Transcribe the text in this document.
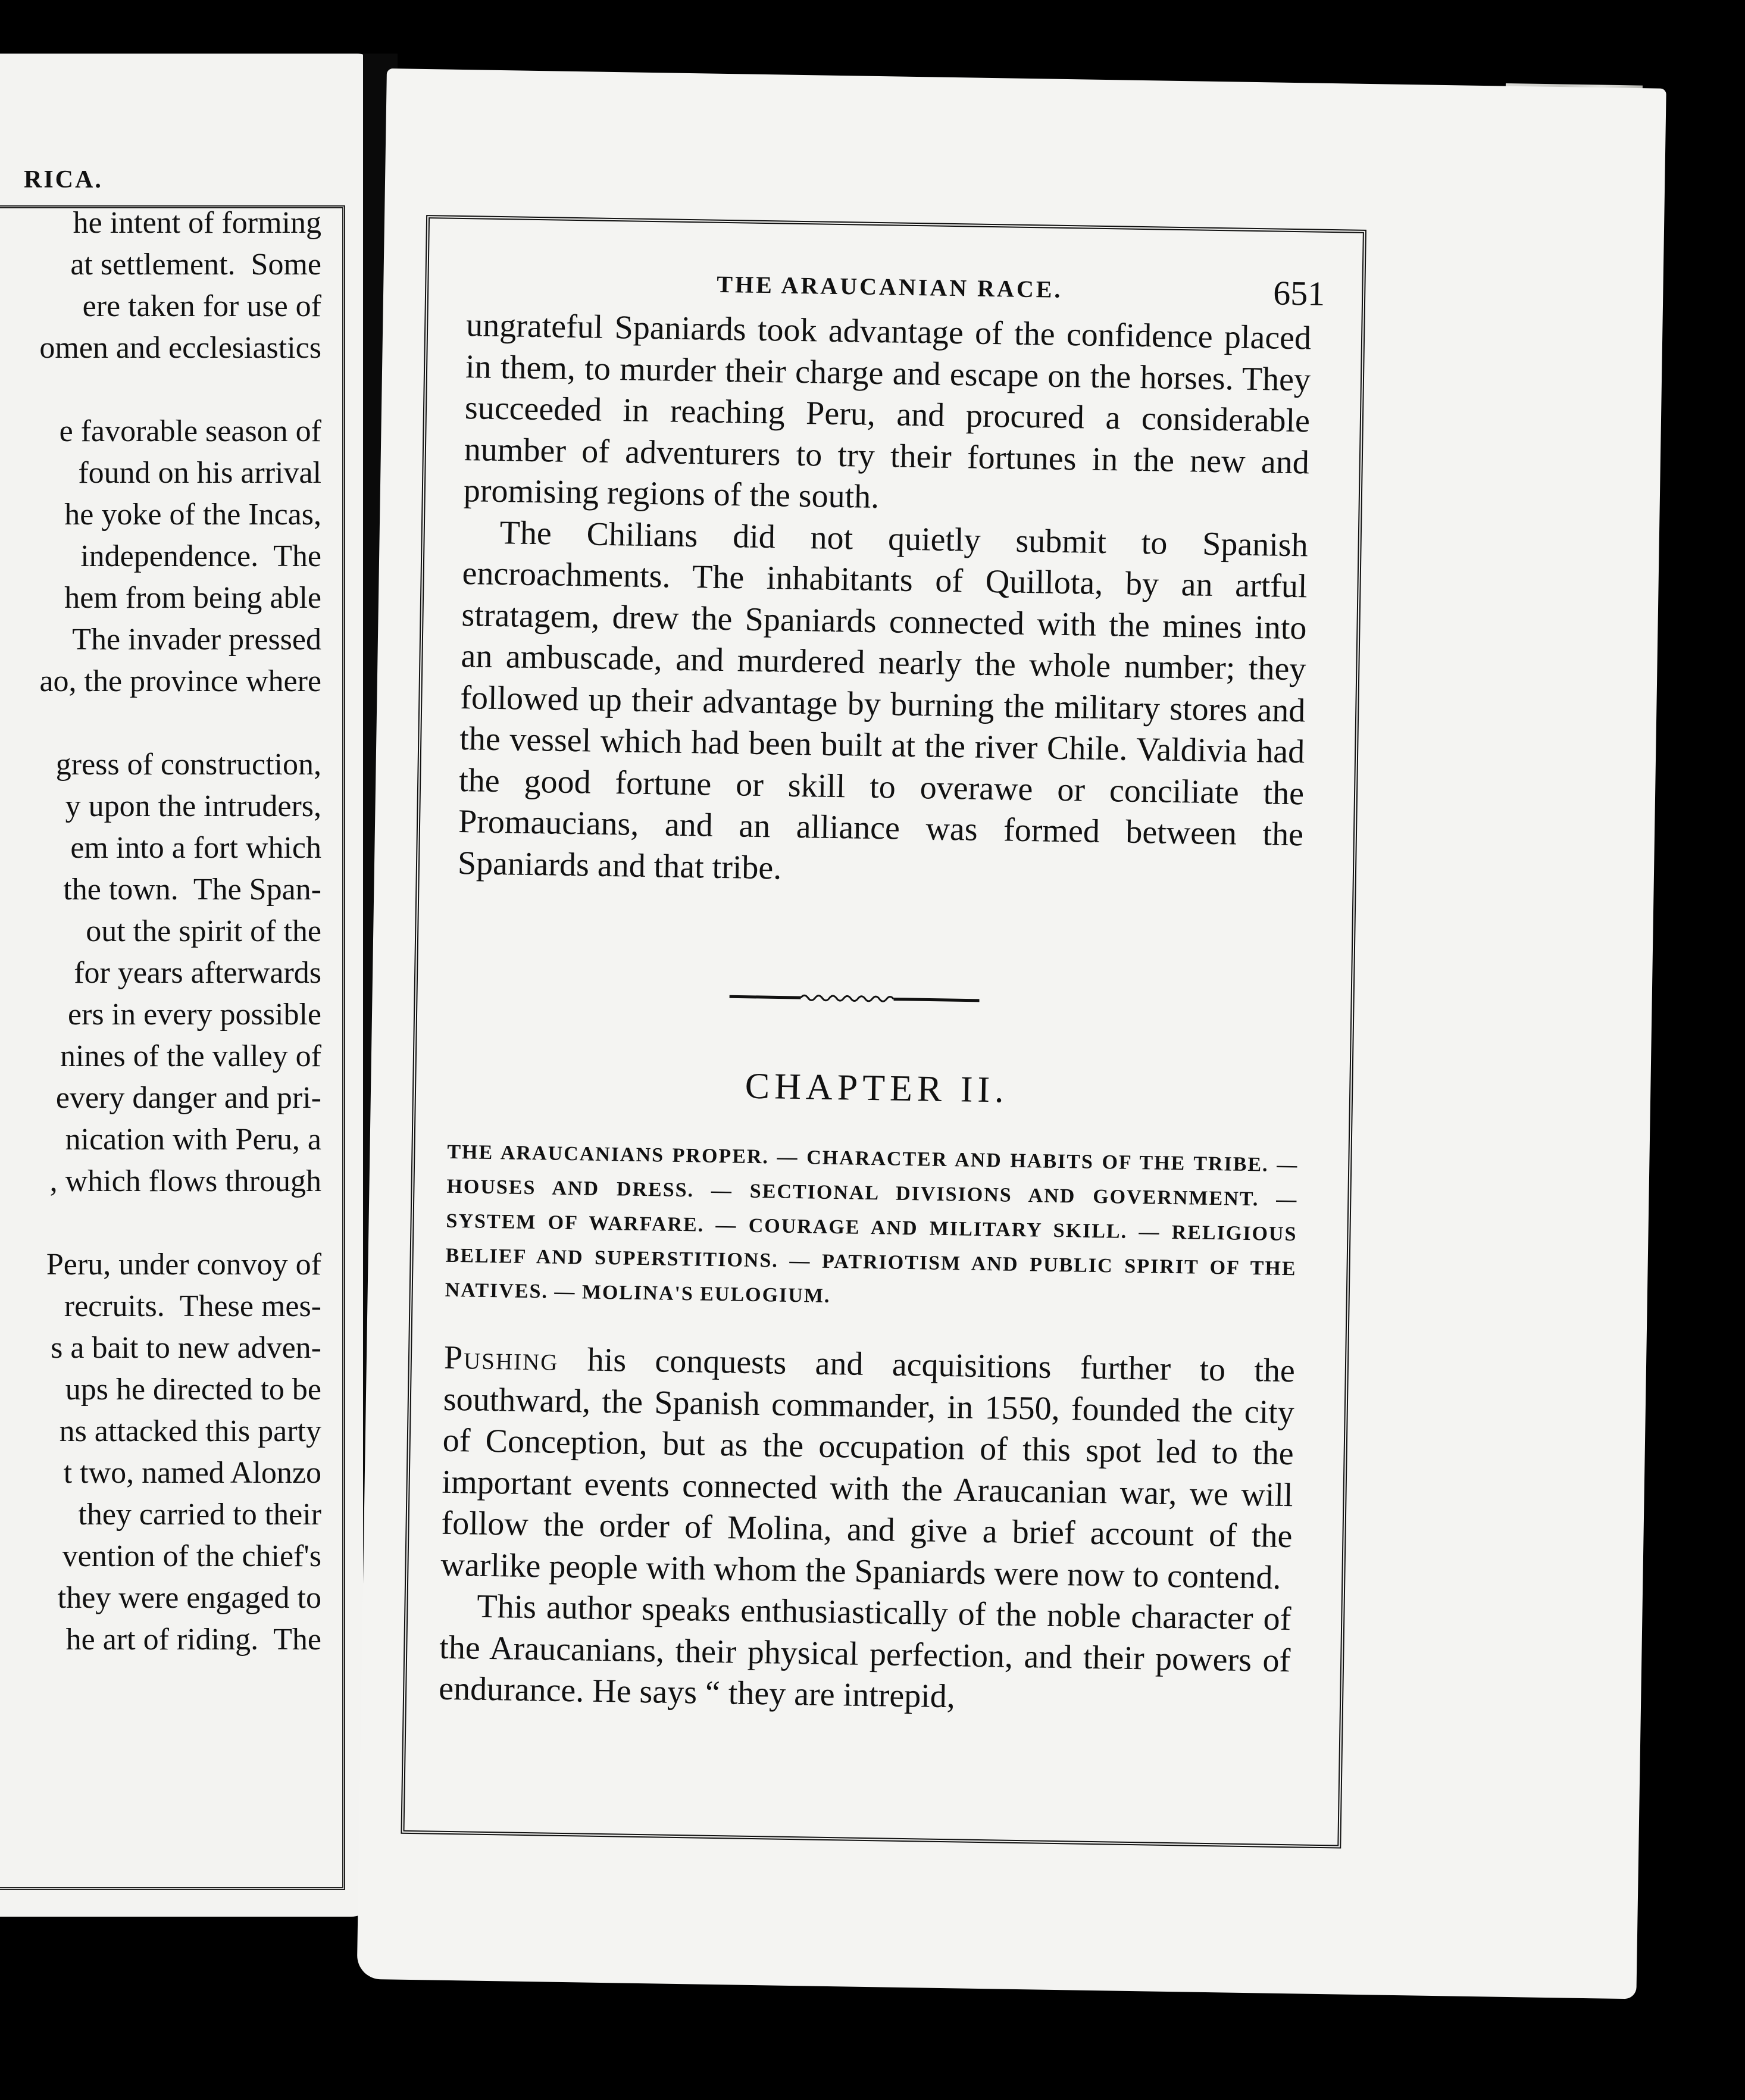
RICA.
he intent of forming
at settlement.  Some
ere taken for use of
omen and ecclesiastics
e favorable season of
found on his arrival
he yoke of the Incas,
independence.  The
hem from being able
The invader pressed
ao, the province where
gress of construction,
y upon the intruders,
em into a fort which
the town.  The Span-
out the spirit of the
for years afterwards
ers in every possible
nines of the valley of
every danger and pri-
nication with Peru, a
, which flows through
Peru, under convoy of
recruits.  These mes-
s a bait to new adven-
ups he directed to be
ns attacked this party
t two, named Alonzo
they carried to their
vention of the chief's
they were engaged to
he art of riding.  The
THE ARAUCANIAN RACE.	651

ungrateful Spaniards took advantage of the confidence placed in them, to murder their charge and escape on the horses. They succeeded in reaching Peru, and procured a considerable number of adventurers to try their fortunes in the new and promising regions of the south.

The Chilians did not quietly submit to Spanish encroachments. The inhabitants of Quillota, by an artful stratagem, drew the Spaniards connected with the mines into an ambuscade, and murdered nearly the whole number; they followed up their advantage by burning the military stores and the vessel which had been built at the river Chile. Valdivia had the good fortune or skill to overawe or conciliate the Promaucians, and an alliance was formed between the Spaniards and that tribe.

CHAPTER II.
THE ARAUCANIANS PROPER. — CHARACTER AND HABITS OF THE TRIBE. — HOUSES AND DRESS. — SECTIONAL DIVISIONS AND GOVERNMENT. — SYSTEM OF WARFARE. — COURAGE AND MILITARY SKILL. — RELIGIOUS BELIEF AND SUPERSTITIONS. — PATRIOTISM AND PUBLIC SPIRIT OF THE NATIVES. — MOLINA'S EULOGIUM.

Pushing his conquests and acquisitions further to the southward, the Spanish commander, in 1550, founded the city of Conception, but as the occupation of this spot led to the important events connected with the Araucanian war, we will follow the order of Molina, and give a brief account of the warlike people with whom the Spaniards were now to contend.

This author speaks enthusiastically of the noble character of the Araucanians, their physical perfection, and their powers of endurance. He says “ they are intrepid,
